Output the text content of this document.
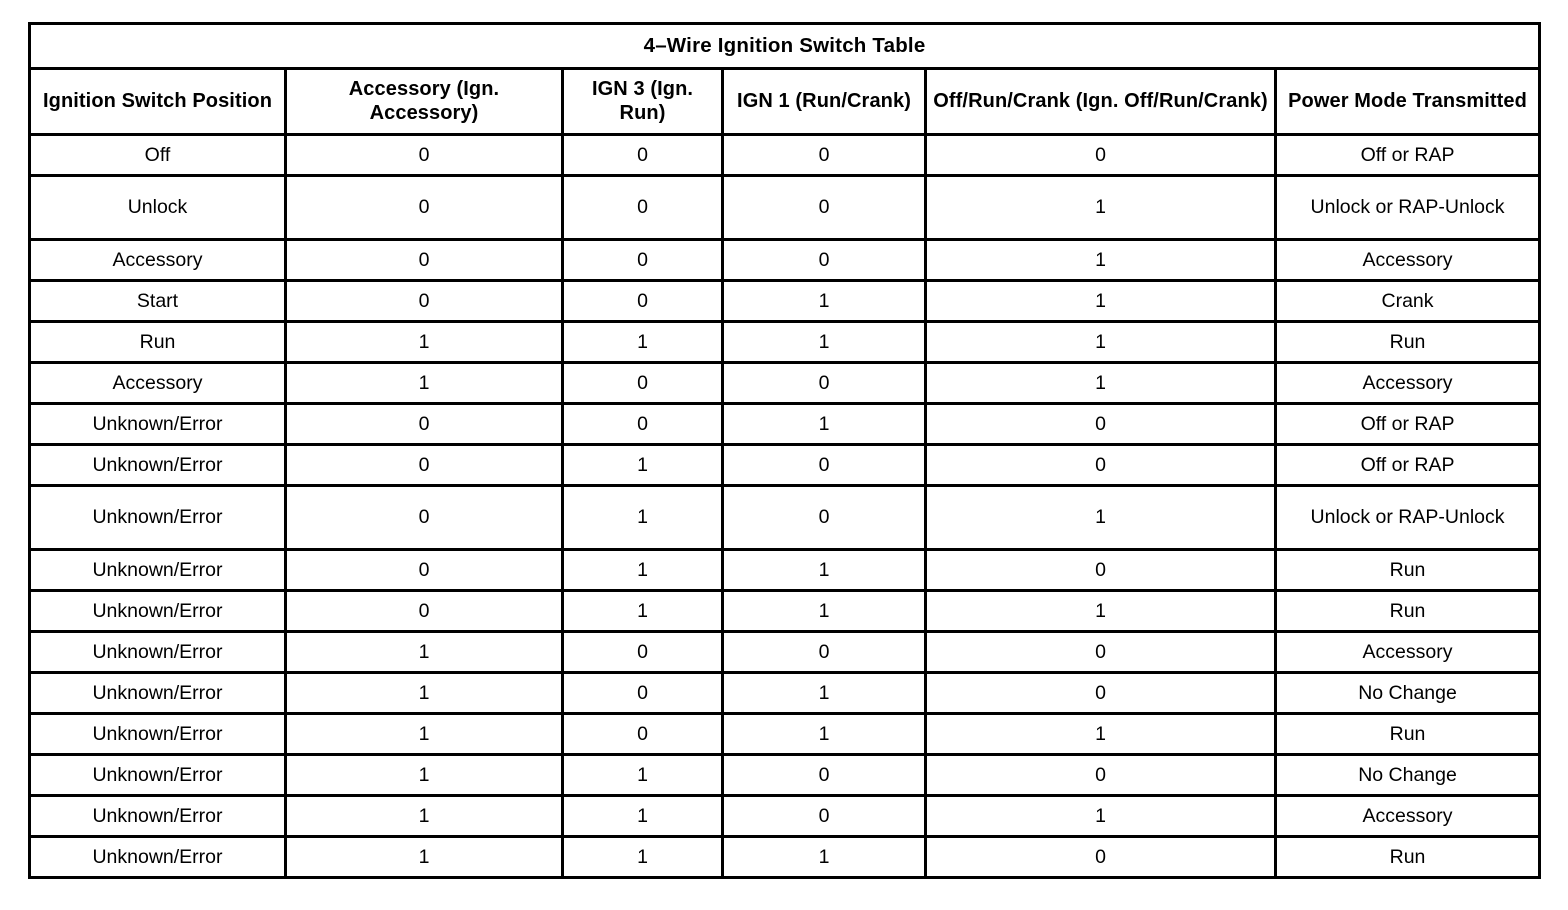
4–Wire Ignition Switch Table					
Ignition Switch Position	Accessory (Ign. Accessory)	IGN 3 (Ign. Run)	IGN 1 (Run/Crank)	Off/Run/Crank (Ign. Off/Run/Crank)	Power Mode Transmitted
Off	0	0	0	0	Off or RAP
Unlock	0	0	0	1	Unlock or RAP-Unlock
Accessory	0	0	0	1	Accessory
Start	0	0	1	1	Crank
Run	1	1	1	1	Run
Accessory	1	0	0	1	Accessory
Unknown/Error	0	0	1	0	Off or RAP
Unknown/Error	0	1	0	0	Off or RAP
Unknown/Error	0	1	0	1	Unlock or RAP-Unlock
Unknown/Error	0	1	1	0	Run
Unknown/Error	0	1	1	1	Run
Unknown/Error	1	0	0	0	Accessory
Unknown/Error	1	0	1	0	No Change
Unknown/Error	1	0	1	1	Run
Unknown/Error	1	1	0	0	No Change
Unknown/Error	1	1	0	1	Accessory
Unknown/Error	1	1	1	0	Run
